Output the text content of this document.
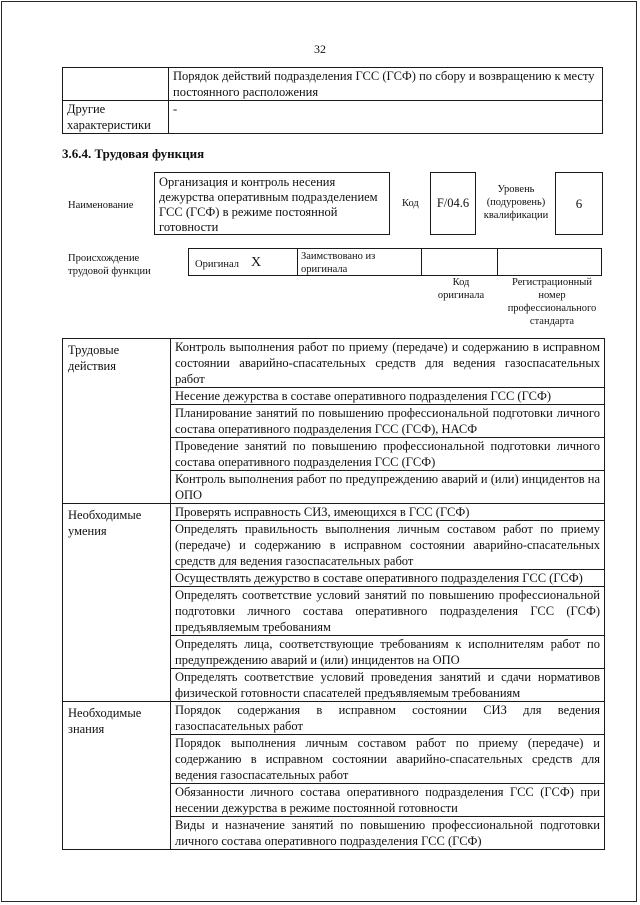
32
	Порядок действий подразделения ГСС (ГСФ) по сбору и возвращению к месту постоянного расположения
Другие характеристики	-
3.6.4. Трудовая функция
Наименование
Организация и контроль несения дежурства оперативным подразделением ГСС (ГСФ) в режиме постоянной готовности
Код F/04.6
Уровень (подуровень) квалификации
6
Происхождение трудовой функции
Оригинал X	Заимствовано из оригинала
Код оригинала
Регистрационный номер профессионального стандарта
Трудовые действия	Контроль выполнения работ по приему (передаче) и содержанию в исправном состоянии аварийно-спасательных средств для ведения газоспасательных работ
	Несение дежурства в составе оперативного подразделения ГСС (ГСФ)
	Планирование занятий по повышению профессиональной подготовки личного состава оперативного подразделения ГСС (ГСФ), НАСФ
	Проведение занятий по повышению профессиональной подготовки личного состава оперативного подразделения ГСС (ГСФ)
	Контроль выполнения работ по предупреждению аварий и (или) инцидентов на ОПО
Необходимые умения	Проверять исправность СИЗ, имеющихся в ГСС (ГСФ)
	Определять правильность выполнения личным составом работ по приему (передаче) и содержанию в исправном состоянии аварийно-спасательных средств для ведения газоспасательных работ
	Осуществлять дежурство в составе оперативного подразделения ГСС (ГСФ)
	Определять соответствие условий занятий по повышению профессиональной подготовки личного состава оперативного подразделения ГСС (ГСФ) предъявляемым требованиям
	Определять лица, соответствующие требованиям к исполнителям работ по предупреждению аварий и (или) инцидентов на ОПО
	Определять соответствие условий проведения занятий и сдачи нормативов физической готовности спасателей предъявляемым требованиям
Необходимые знания	Порядок содержания в исправном состоянии СИЗ для ведения газоспасательных работ
	Порядок выполнения личным составом работ по приему (передаче) и содержанию в исправном состоянии аварийно-спасательных средств для ведения газоспасательных работ
	Обязанности личного состава оперативного подразделения ГСС (ГСФ) при несении дежурства в режиме постоянной готовности
	Виды и назначение занятий по повышению профессиональной подготовки личного состава оперативного подразделения ГСС (ГСФ)
